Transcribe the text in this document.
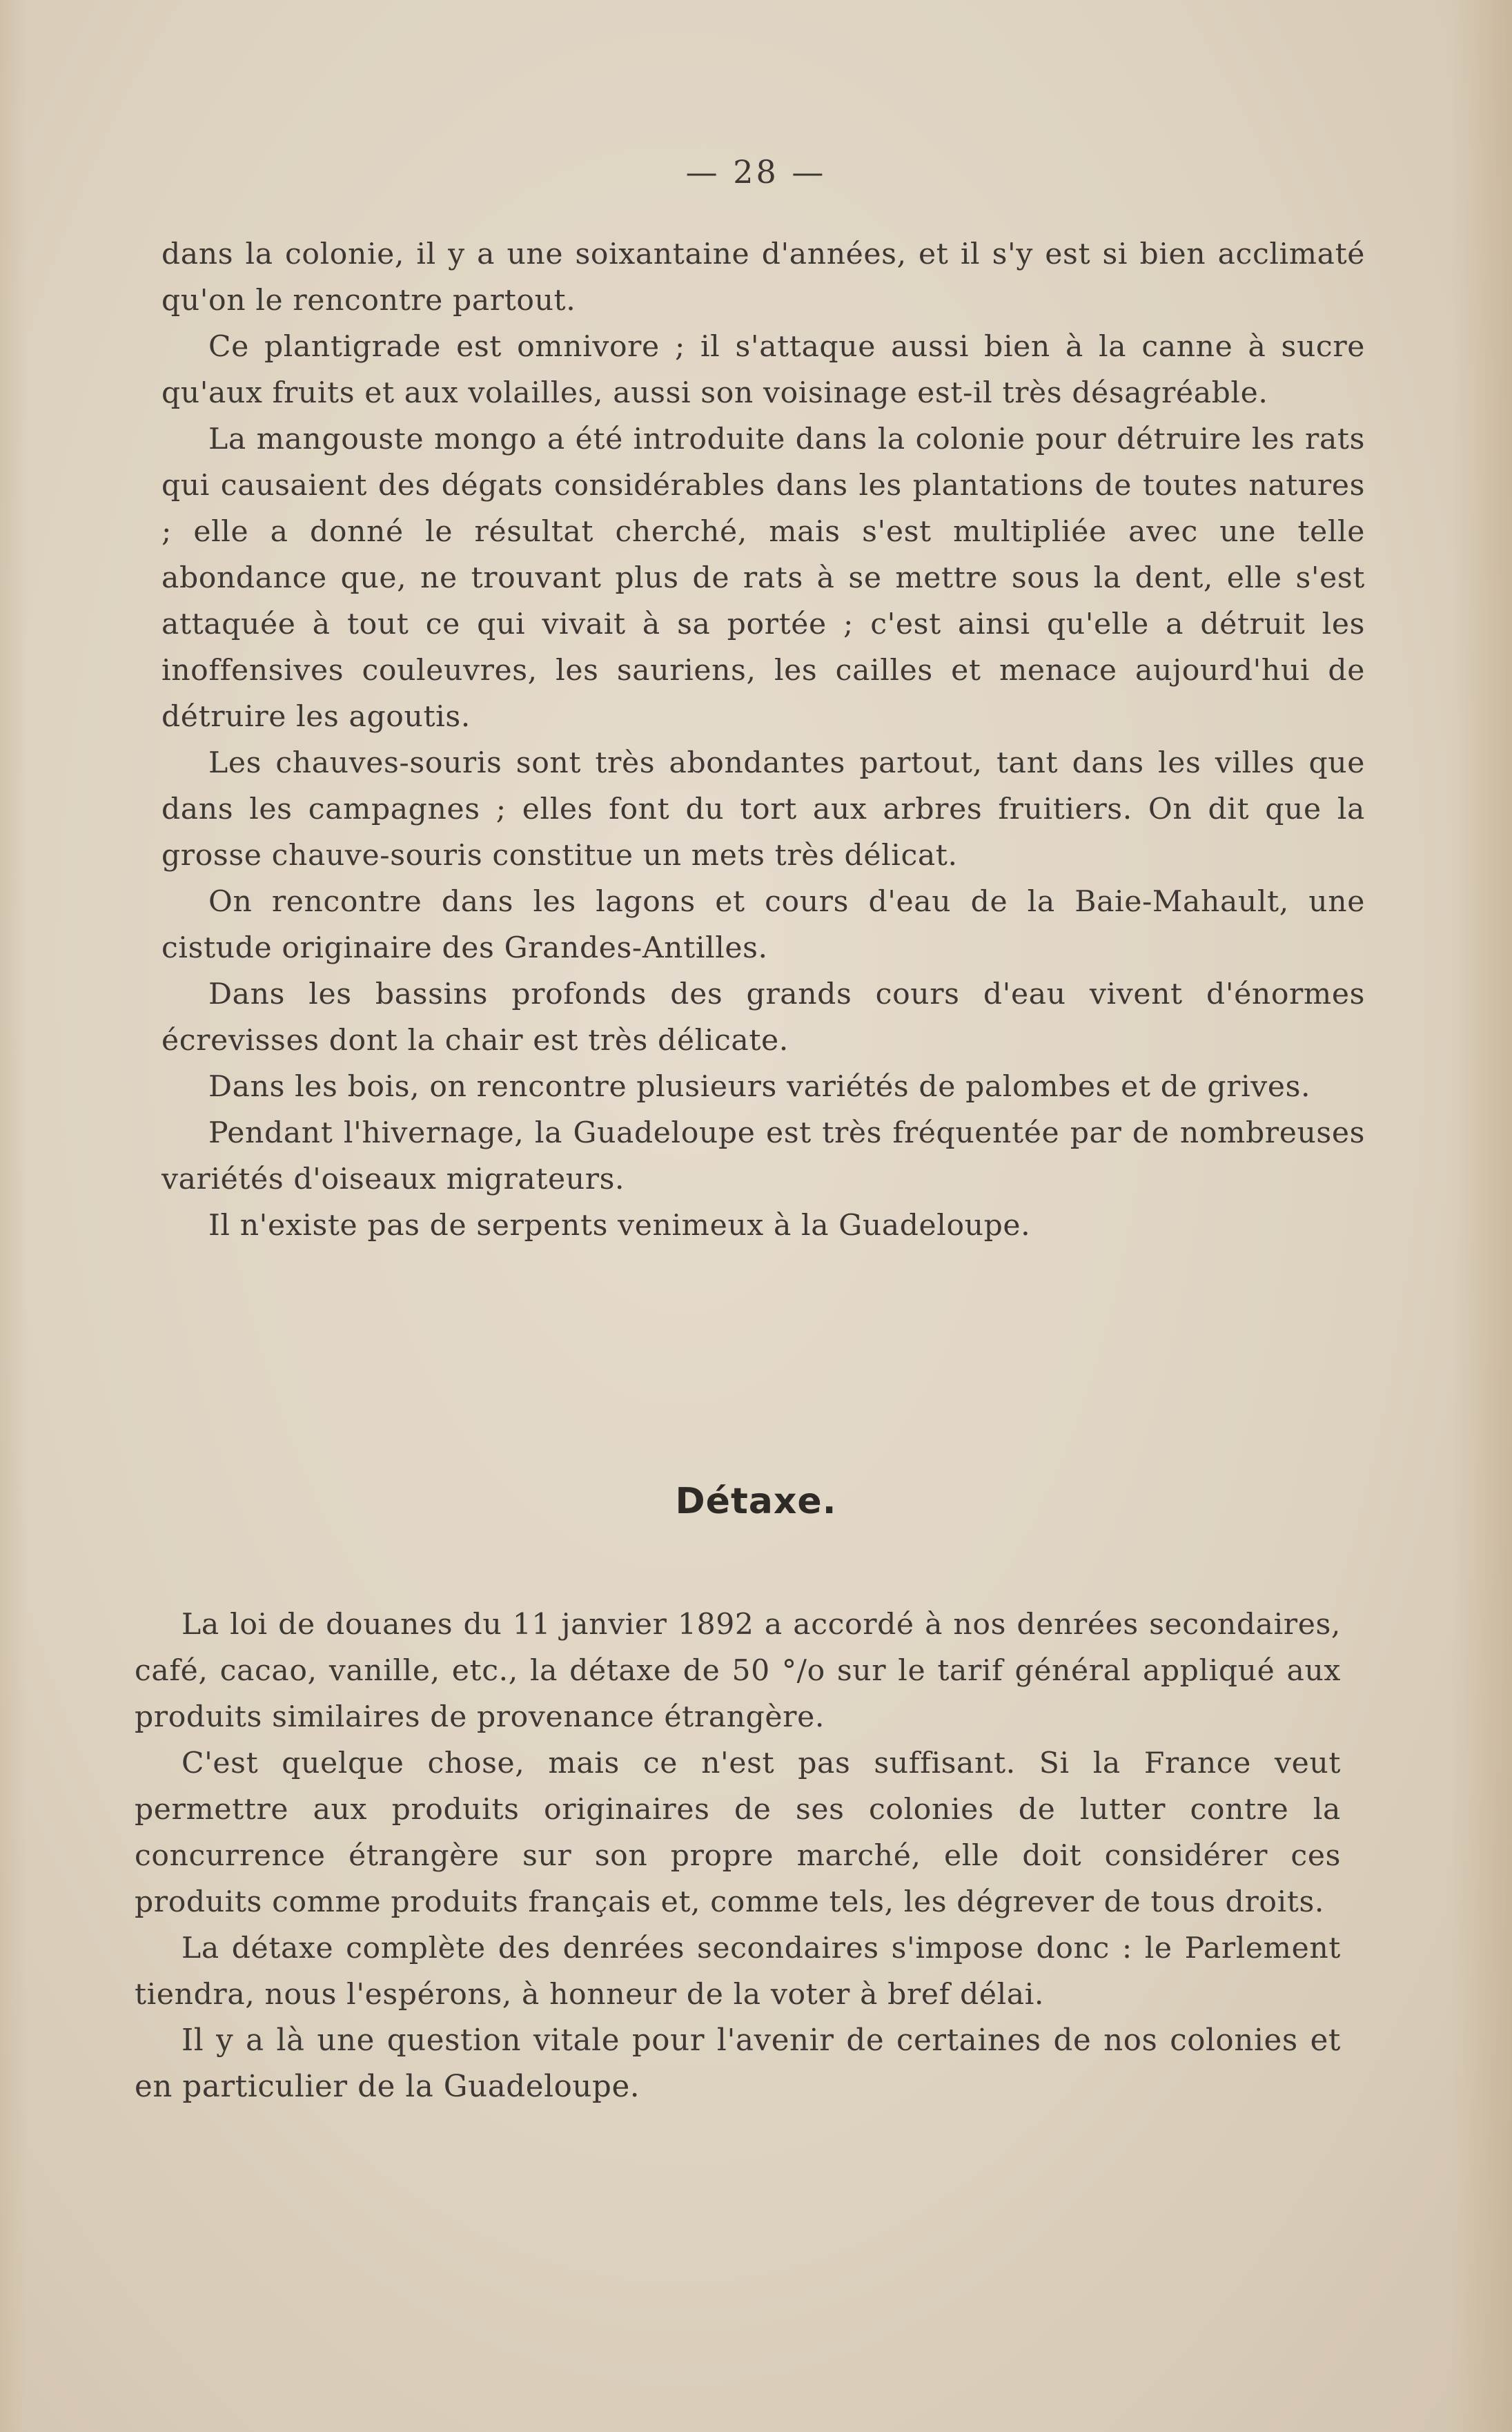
— 28 —

dans la colonie, il y a une soixantaine d'années, et il s'y est si bien acclimaté qu'on le rencontre partout.

Ce plantigrade est omnivore ; il s'attaque aussi bien à la canne à sucre qu'aux fruits et aux volailles, aussi son voisinage est-il très désagréable.

La mangouste mongo a été introduite dans la colonie pour détruire les rats qui causaient des dégats considérables dans les plantations de toutes natures ; elle a donné le résultat cherché, mais s'est multipliée avec une telle abondance que, ne trouvant plus de rats à se mettre sous la dent, elle s'est attaquée à tout ce qui vivait à sa portée ; c'est ainsi qu'elle a détruit les inoffensives couleuvres, les sauriens, les cailles et menace aujourd'hui de détruire les agoutis.

Les chauves-souris sont très abondantes partout, tant dans les villes que dans les campagnes ; elles font du tort aux arbres fruitiers. On dit que la grosse chauve-souris constitue un mets très délicat.

On rencontre dans les lagons et cours d'eau de la Baie-Mahault, une cistude originaire des Grandes-Antilles.

Dans les bassins profonds des grands cours d'eau vivent d'énormes écrevisses dont la chair est très délicate.

Dans les bois, on rencontre plusieurs variétés de palombes et de grives.

Pendant l'hivernage, la Guadeloupe est très fréquentée par de nombreuses variétés d'oiseaux migrateurs.

Il n'existe pas de serpents venimeux à la Guadeloupe.

Détaxe.

La loi de douanes du 11 janvier 1892 a accordé à nos denrées secondaires, café, cacao, vanille, etc., la détaxe de 50 °/o sur le tarif général appliqué aux produits similaires de provenance étrangère.

C'est quelque chose, mais ce n'est pas suffisant. Si la France veut permettre aux produits originaires de ses colonies de lutter contre la concurrence étrangère sur son propre marché, elle doit considérer ces produits comme produits français et, comme tels, les dégrever de tous droits.

La détaxe complète des denrées secondaires s'impose donc : le Parlement tiendra, nous l'espérons, à honneur de la voter à bref délai.

Il y a là une question vitale pour l'avenir de certaines de nos colonies et en particulier de la Guadeloupe.
